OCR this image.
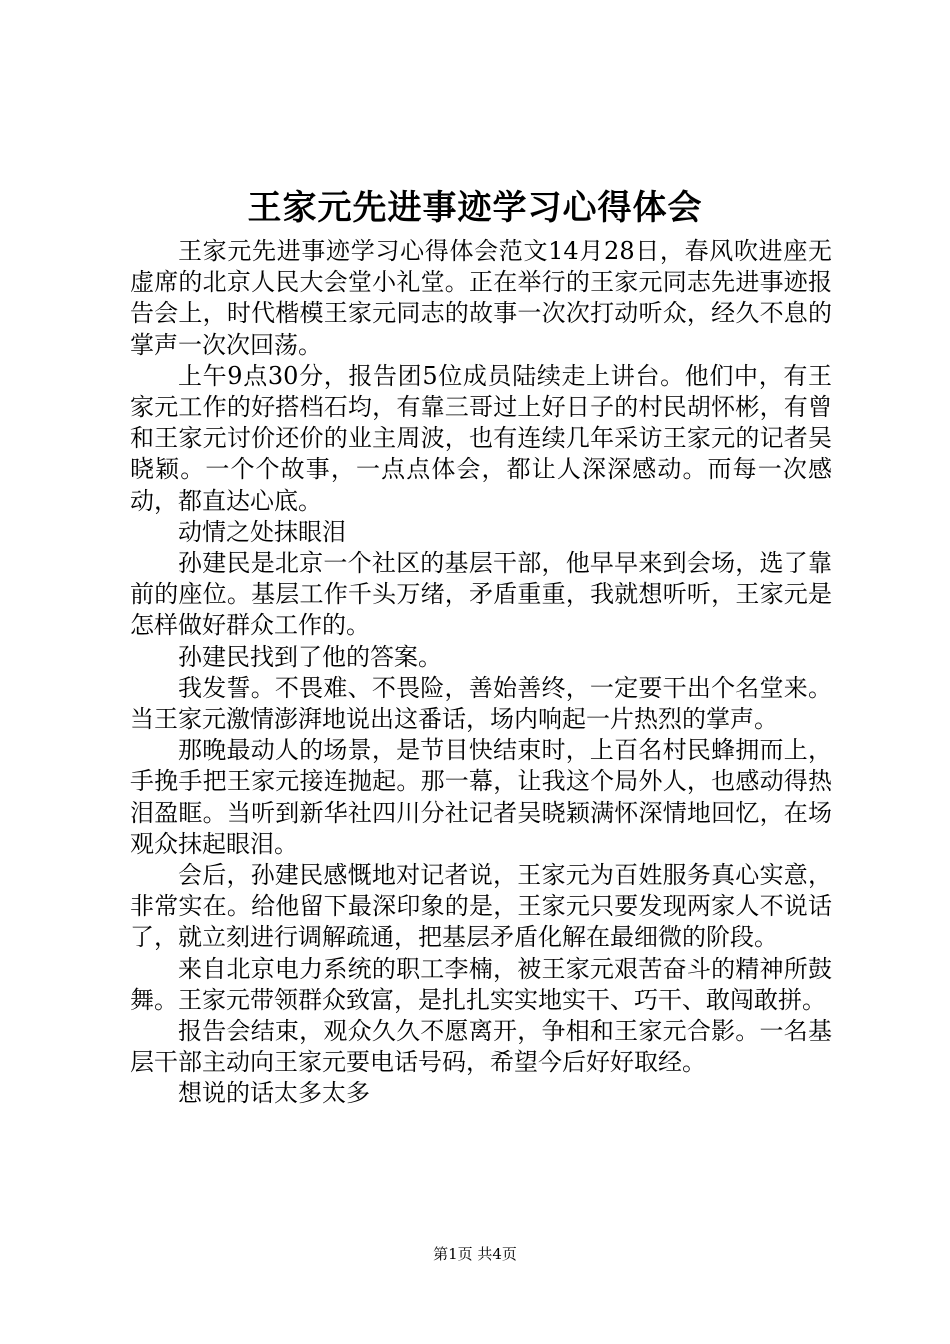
王家元先进事迹学习心得体会

王家元先进事迹学习心得体会范文14月28日，春风吹进座无虚席的北京人民大会堂小礼堂。正在举行的王家元同志先进事迹报告会上，时代楷模王家元同志的故事一次次打动听众，经久不息的掌声一次次回荡。

上午9点30分，报告团5位成员陆续走上讲台。他们中，有王家元工作的好搭档石均，有靠三哥过上好日子的村民胡怀彬，有曾和王家元讨价还价的业主周波，也有连续几年采访王家元的记者吴晓颖。一个个故事，一点点体会，都让人深深感动。而每一次感动，都直达心底。

动情之处抹眼泪

孙建民是北京一个社区的基层干部，他早早来到会场，选了靠前的座位。基层工作千头万绪，矛盾重重，我就想听听，王家元是怎样做好群众工作的。

孙建民找到了他的答案。

我发誓。不畏难、不畏险，善始善终，一定要干出个名堂来。当王家元激情澎湃地说出这番话，场内响起一片热烈的掌声。

那晚最动人的场景，是节目快结束时，上百名村民蜂拥而上，手挽手把王家元接连抛起。那一幕，让我这个局外人，也感动得热泪盈眶。当听到新华社四川分社记者吴晓颖满怀深情地回忆，在场观众抹起眼泪。

会后，孙建民感慨地对记者说，王家元为百姓服务真心实意，非常实在。给他留下最深印象的是，王家元只要发现两家人不说话了，就立刻进行调解疏通，把基层矛盾化解在最细微的阶段。

来自北京电力系统的职工李楠，被王家元艰苦奋斗的精神所鼓舞。王家元带领群众致富，是扎扎实实地实干、巧干、敢闯敢拼。

报告会结束，观众久久不愿离开，争相和王家元合影。一名基层干部主动向王家元要电话号码，希望今后好好取经。

想说的话太多太多

第1页 共4页
